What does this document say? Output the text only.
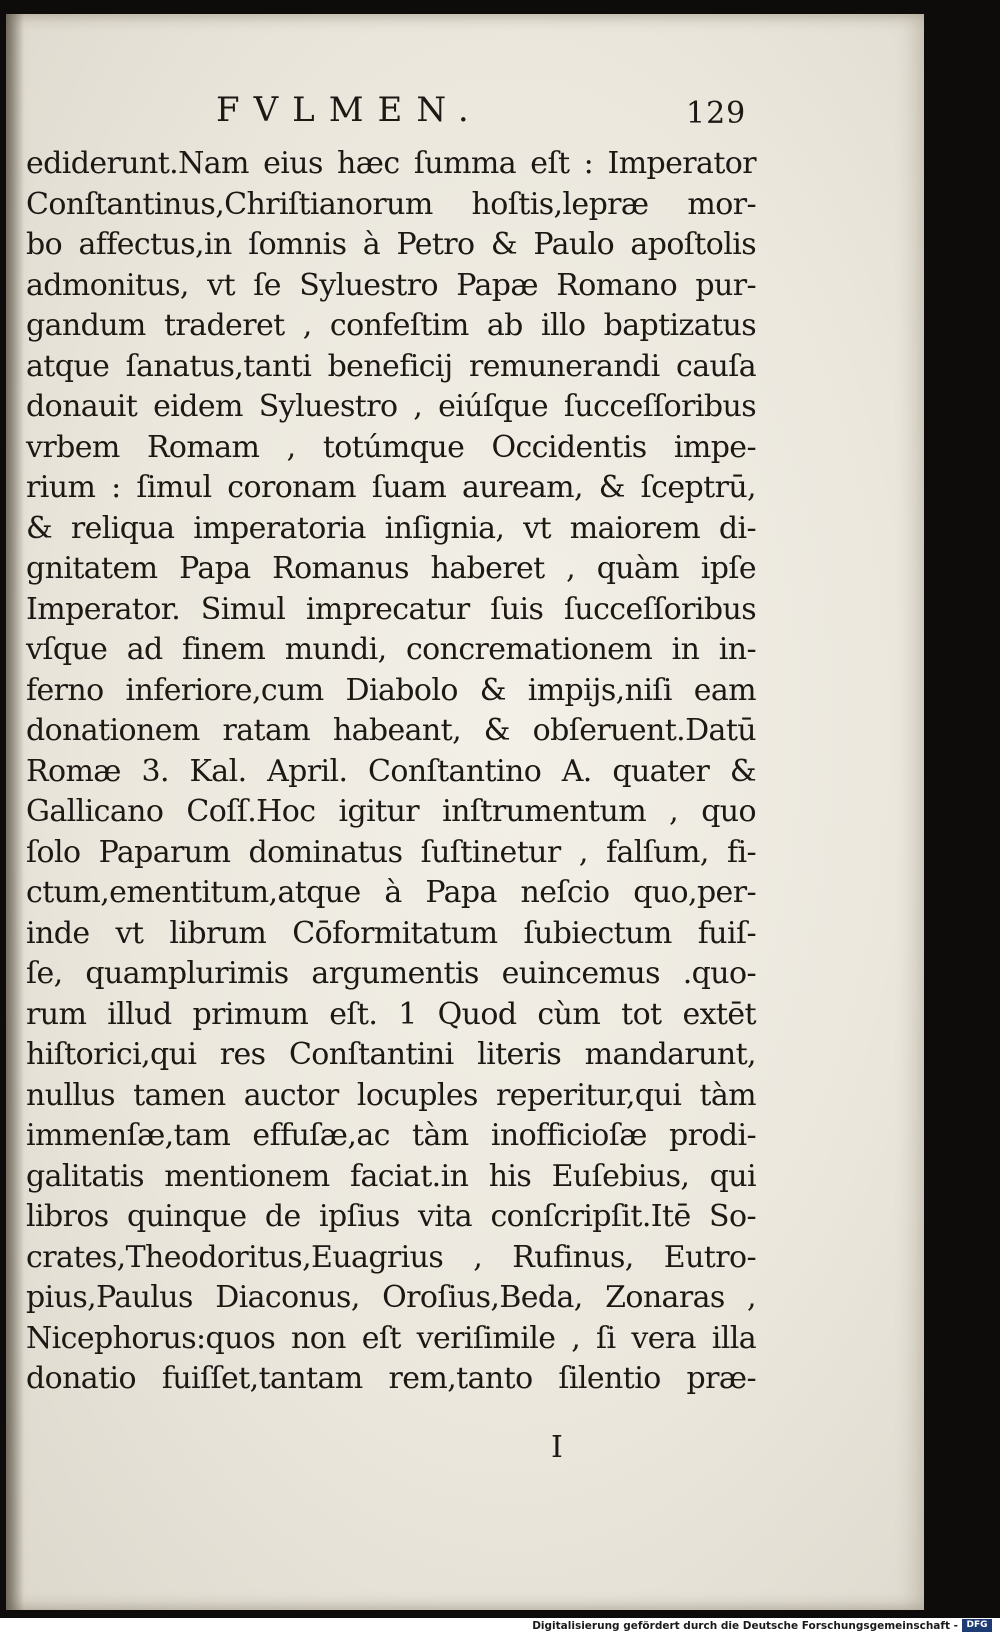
FVLMEN.	129
ediderunt.Nam eius hæc ſumma eſt : Imperator
Conſtantinus,Chriſtianorum hoſtis,lepræ mor-
bo affectus,in ſomnis à Petro & Paulo apoſtolis
admonitus, vt ſe Syluestro Papæ Romano pur-
gandum traderet , confeſtim ab illo baptizatus
atque ſanatus,tanti beneficij remunerandi cauſa
donauit eidem Syluestro , eiúſque ſucceſſoribus
vrbem Romam , totúmque Occidentis impe-
rium : ſimul coronam ſuam auream, & ſceptrū,
& reliqua imperatoria inſignia, vt maiorem di-
gnitatem Papa Romanus haberet , quàm ipſe
Imperator. Simul imprecatur ſuis ſucceſſoribus
vſque ad finem mundi, concremationem in in-
ferno inferiore,cum Diabolo & impijs,niſi eam
donationem ratam habeant, & obſeruent.Datū
Romæ 3. Kal. April. Conſtantino A. quater &
Gallicano Coſſ.Hoc igitur inſtrumentum , quo
ſolo Paparum dominatus ſuſtinetur , falſum, fi-
ctum,ementitum,atque à Papa neſcio quo,per-
inde vt librum Cōformitatum ſubiectum fuiſ-
ſe, quamplurimis argumentis euincemus .quo-
rum illud primum eſt. 1 Quod cùm tot extēt
hiſtorici,qui res Conſtantini literis mandarunt,
nullus tamen auctor locuples reperitur,qui tàm
immenſæ,tam effuſæ,ac tàm inofficioſæ prodi-
galitatis mentionem faciat.in his Euſebius, qui
libros quinque de ipſius vita conſcripſit.Itē So-
crates,Theodoritus,Euagrius , Rufinus, Eutro-
pius,Paulus Diaconus, Oroſius,Beda, Zonaras ,
Nicephorus:quos non eſt veriſimile , ſi vera illa
donatio fuiſſet,tantam rem,tanto ſilentio præ-
I
Digitalisierung gefördert durch die Deutsche Forschungsgemeinschaft - DFG
